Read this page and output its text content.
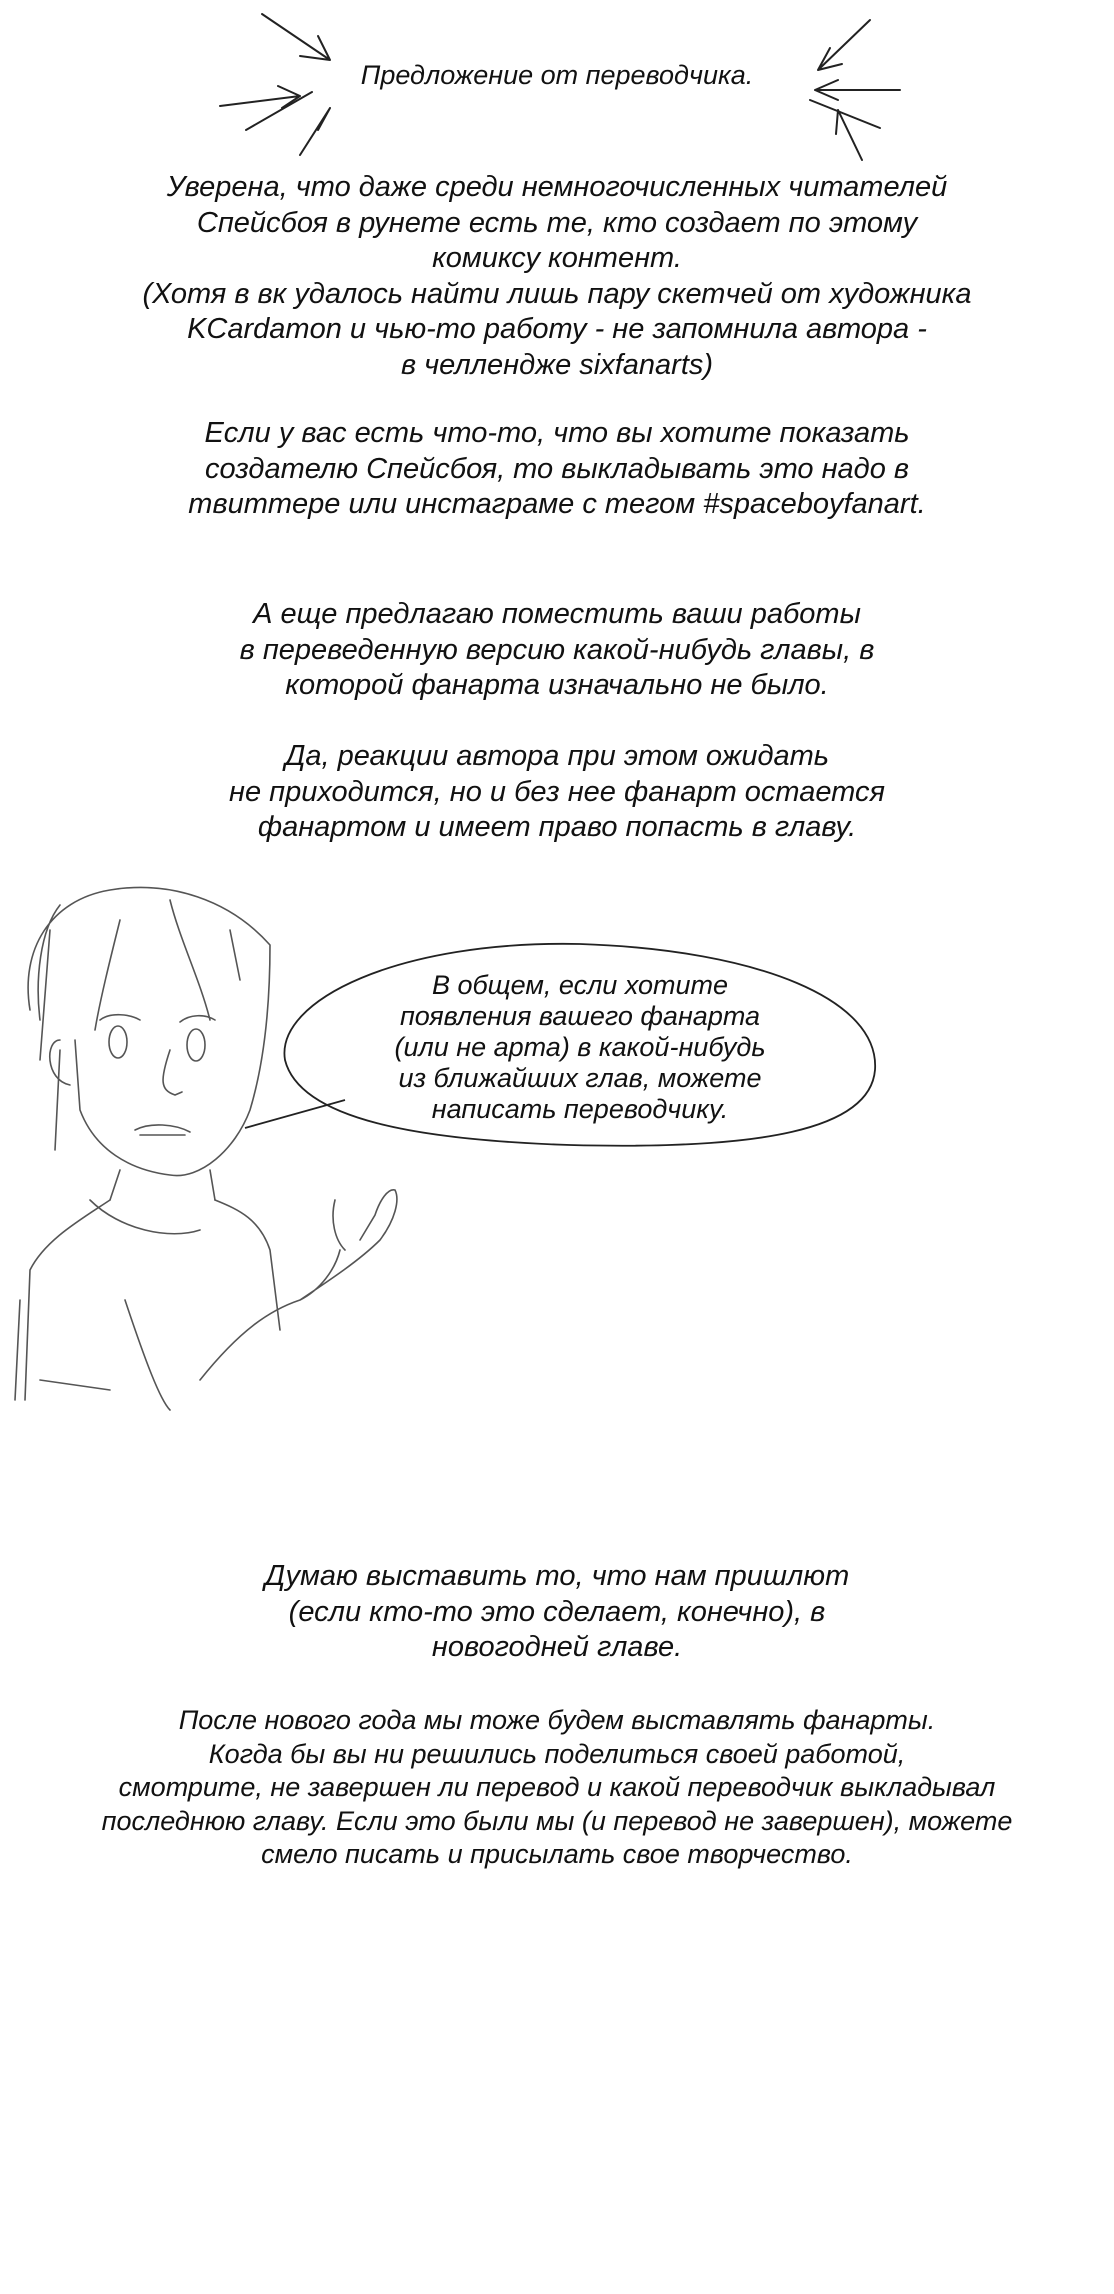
Предложение от переводчика.
Уверена, что даже среди немногочисленных читателей
Спейсбоя в рунете есть те, кто создает по этому
комиксу контент.
(Хотя в вк удалось найти лишь пару скетчей от художника
KCardamon и чью-то работу - не запомнила автора -
в челлендже sixfanarts)
Если у вас есть что-то, что вы хотите показать
создателю Спейсбоя, то выкладывать это надо в
твиттере или инстаграме с тегом #spaceboyfanart.
А еще предлагаю поместить ваши работы
в переведенную версию какой-нибудь главы, в
которой фанарта изначально не было.
Да, реакции автора при этом ожидать
не приходится, но и без нее фанарт остается
фанартом и имеет право попасть в главу.
В общем, если хотите
появления вашего фанарта
(или не арта) в какой-нибудь
из ближайших глав, можете
написать переводчику.
Думаю выставить то, что нам пришлют
(если кто-то это сделает, конечно), в
новогодней главе.
После нового года мы тоже будем выставлять фанарты.
Когда бы вы ни решились поделиться своей работой,
смотрите, не завершен ли перевод и какой переводчик выкладывал
последнюю главу. Если это были мы (и перевод не завершен), можете
смело писать и присылать свое творчество.
